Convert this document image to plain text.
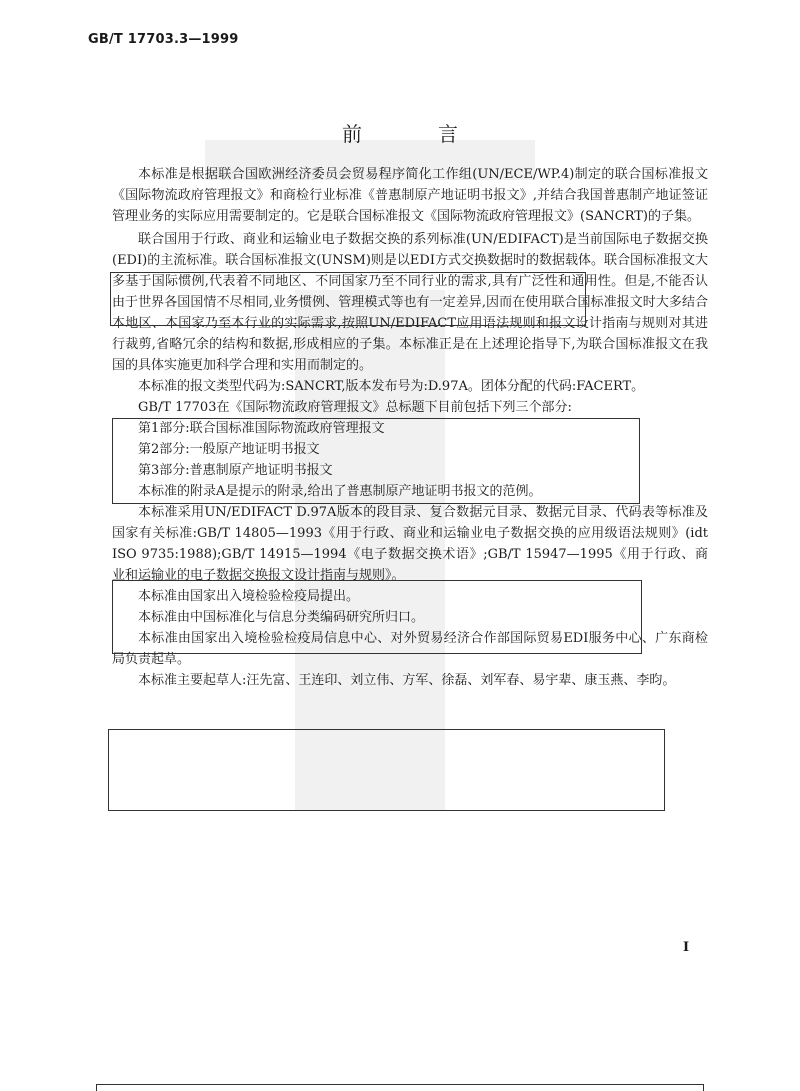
GB/T 17703.3—1999
前　言

本标准是根据联合国欧洲经济委员会贸易程序简化工作组(UN/ECE/WP.4)制定的联合国标准报文《国际物流政府管理报文》和商检行业标准《普惠制原产地证明书报文》,并结合我国普惠制产地证签证管理业务的实际应用需要制定的。它是联合国标准报文《国际物流政府管理报文》(SANCRT)的子集。

联合国用于行政、商业和运输业电子数据交换的系列标准(UN/EDIFACT)是当前国际电子数据交换(EDI)的主流标准。联合国标准报文(UNSM)则是以EDI方式交换数据时的数据载体。联合国标准报文大多基于国际惯例,代表着不同地区、不同国家乃至不同行业的需求,具有广泛性和通用性。但是,不能否认由于世界各国国情不尽相同,业务惯例、管理模式等也有一定差异,因而在使用联合国标准报文时大多结合本地区、本国家乃至本行业的实际需求,按照UN/EDIFACT应用语法规则和报文设计指南与规则对其进行裁剪,省略冗余的结构和数据,形成相应的子集。本标准正是在上述理论指导下,为联合国标准报文在我国的具体实施更加科学合理和实用而制定的。

本标准的报文类型代码为:SANCRT,版本发布号为:D.97A。团体分配的代码:FACERT。

GB/T 17703在《国际物流政府管理报文》总标题下目前包括下列三个部分:

第1部分:联合国标准国际物流政府管理报文

第2部分:一般原产地证明书报文

第3部分:普惠制原产地证明书报文

本标准的附录A是提示的附录,给出了普惠制原产地证明书报文的范例。

本标准采用UN/EDIFACT D.97A版本的段目录、复合数据元目录、数据元目录、代码表等标准及国家有关标准:GB/T 14805—1993《用于行政、商业和运输业电子数据交换的应用级语法规则》(idt ISO 9735:1988);GB/T 14915—1994《电子数据交换术语》;GB/T 15947—1995《用于行政、商业和运输业的电子数据交换报文设计指南与规则》。

本标准由国家出入境检验检疫局提出。

本标准由中国标准化与信息分类编码研究所归口。

本标准由国家出入境检验检疫局信息中心、对外贸易经济合作部国际贸易EDI服务中心、广东商检局负责起草。

本标准主要起草人:汪先富、王连印、刘立伟、方军、徐磊、刘军春、易宇辈、康玉燕、李昀。

I
